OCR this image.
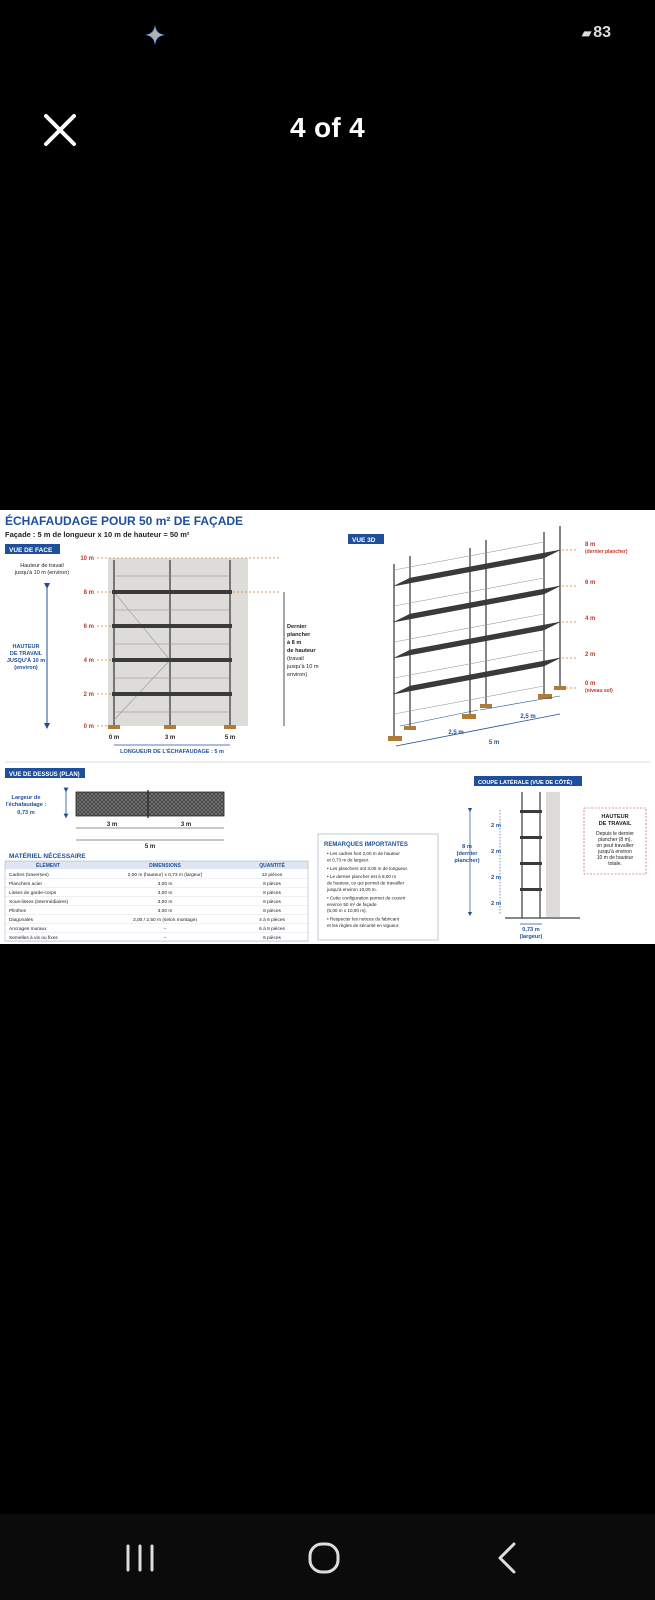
▰ 83
4 of 4
ÉCHAFAUDAGE POUR 50 m² DE FAÇADE
Façade : 5 m de longueur x 10 m de hauteur = 50 m²
VUE DE FACE
Hauteur de travail
jusqu'à 10 m (environ)
HAUTEUR
DE TRAVAIL
JUSQU'À 10 m
(environ)
10 m
8 m
6 m
4 m
2 m
0 m
0 m	3 m	5 m
LONGUEUR DE L'ÉCHAFAUDAGE : 5 m
Dernier
plancher
à 8 m
de hauteur
(travail
jusqu'à 10 m
environ)
VUE 3D
8 m
(dernier plancher)
6 m
4 m
2 m
0 m
(niveau sol)
2,5 m
2,5 m
5 m
VUE DE DESSUS (PLAN)
Largeur de
l'échafaudage :
0,73 m
3 m	3 m
5 m
MATÉRIEL NÉCESSAIRE
ÉLÉMENT	DIMENSIONS	QUANTITÉ
Cadres (traverses)	2,00 m (hauteur) x 0,73 m (largeur)	12 pièces
Planchers acier	3,00 m	8 pièces
Lisses de garde-corps	3,00 m	8 pièces
Sous-lisses (intermédiaires)	3,00 m	8 pièces
Plinthes	3,00 m	8 pièces
Diagonales	3,00 / 2,50 m (selon montage)	4 à 6 pièces
Ancrages muraux	–	6 à 8 pièces
Semelles à vis ou fixes	–	6 pièces
REMARQUES IMPORTANTES
• Les cadres font 2,00 m de hauteur
et 0,73 m de largeur.
• Les planchers ont 3,00 m de longueur.
• Le dernier plancher est à 8,00 m
de hauteur, ce qui permet de travailler
jusqu'à environ 10,00 m.
• Cette configuration permet de couvrir
environ 50 m² de façade
(5,00 m x 10,00 m).
• Respecter les notices du fabricant
et les règles de sécurité en vigueur.
COUPE LATÉRALE (VUE DE CÔTÉ)
2 m
2 m
2 m
2 m
8 m
(dernier
plancher)
0,73 m
(largeur)
HAUTEUR
DE TRAVAIL
Depuis le dernier
plancher (8 m),
on peut travailler
jusqu'à environ
10 m de hauteur
totale.
